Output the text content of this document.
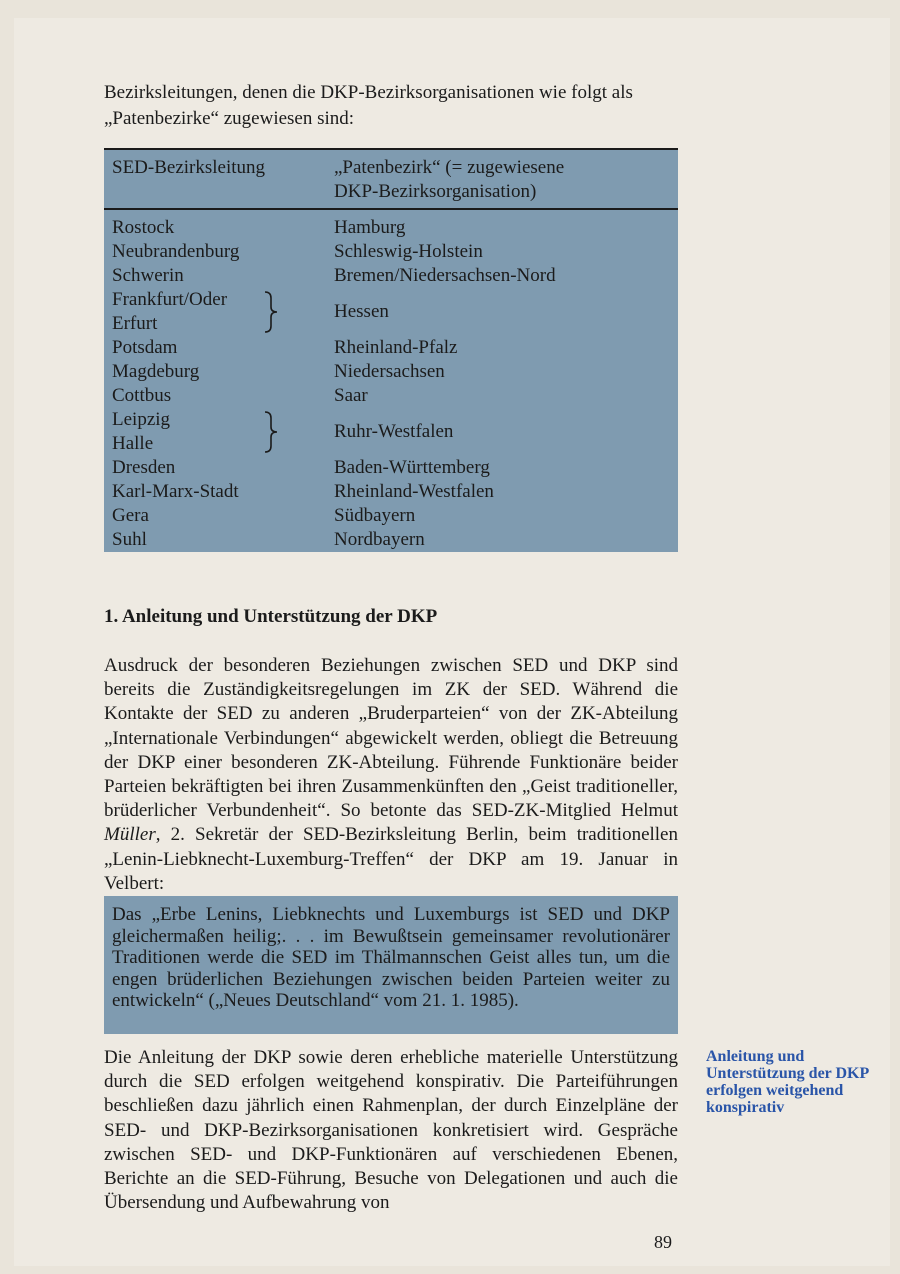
Bezirksleitungen, denen die DKP-Bezirksorganisationen wie folgt als

„Patenbezirke“ zugewiesen sind:

SED-Bezirksleitung	„Patenbezirk“ (= zugewiesene
DKP-Bezirksorganisation)
Rostock
Neubrandenburg
Schwerin
Frankfurt/Oder
Erfurt
Potsdam
Magdeburg
Cottbus
Leipzig
Halle
Dresden
Karl-Marx-Stadt
Gera
Suhl
Hamburg
Schleswig-Holstein
Bremen/Niedersachsen-Nord
Hessen
Rheinland-Pfalz
Niedersachsen
Saar
Ruhr-Westfalen
Baden-Württemberg
Rheinland-Westfalen
Südbayern
Nordbayern
1. Anleitung und Unterstützung der DKP

Ausdruck der besonderen Beziehungen zwischen SED und DKP sind bereits die Zuständigkeitsregelungen im ZK der SED. Während die Kontakte der SED zu anderen „Bruderparteien“ von der ZK-Abteilung „Internationale Verbindungen“ abgewickelt werden, obliegt die Betreuung der DKP einer besonderen ZK-Abteilung. Führende Funktionäre beider Parteien bekräftigten bei ihren Zusammenkünften den „Geist traditioneller, brüderlicher Verbundenheit“. So betonte das SED-ZK-Mitglied Helmut Müller, 2. Sekretär der SED-Bezirksleitung Berlin, beim traditionellen „Lenin-Liebknecht-Luxemburg-Treffen“ der DKP am 19. Januar in Velbert:

Das „Erbe Lenins, Liebknechts und Luxemburgs ist SED und DKP gleichermaßen heilig;. . . im Bewußtsein gemeinsamer revolutionärer Traditionen werde die SED im Thälmannschen Geist alles tun, um die engen brüderlichen Beziehungen zwischen beiden Parteien weiter zu entwickeln“ („Neues Deutschland“ vom 21. 1. 1985).

Die Anleitung der DKP sowie deren erhebliche materielle Unterstützung durch die SED erfolgen weitgehend konspirativ. Die Parteiführungen beschließen dazu jährlich einen Rahmenplan, der durch Einzelpläne der SED- und DKP-Bezirksorganisationen konkretisiert wird. Gespräche zwischen SED- und DKP-Funktionären auf verschiedenen Ebenen, Berichte an die SED-Führung, Besuche von Delegationen und auch die Übersendung und Aufbewahrung von

Anleitung und Unterstützung der DKP erfolgen weitgehend konspirativ
89
